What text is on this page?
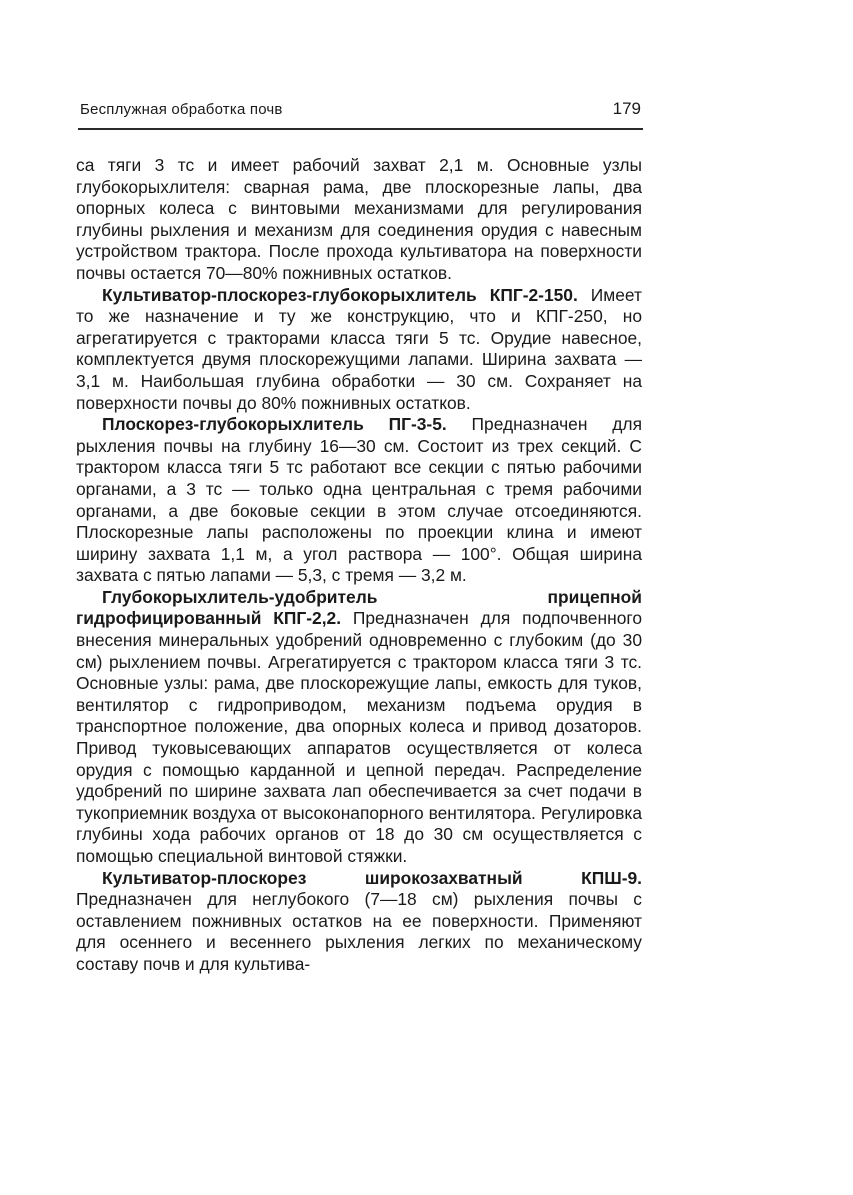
Бесплужная обработка почв	179

са тяги 3 тс и имеет рабочий захват 2,1 м. Основные узлы глубокорыхлителя: сварная рама, две плоскорезные лапы, два опорных колеса с винтовыми механизмами для регулирования глубины рыхления и механизм для соединения орудия с навесным устройством трактора. После прохода культиватора на поверхности почвы остается 70—80% пожнивных остатков.

Культиватор-плоскорез-глубокорыхлитель КПГ-2-150. Имеет то же назначение и ту же конструкцию, что и КПГ-250, но агрегатируется с тракторами класса тяги 5 тс. Орудие навесное, комплектуется двумя плоскорежущими лапами. Ширина захвата — 3,1 м. Наибольшая глубина обработки — 30 см. Сохраняет на поверхности почвы до 80% пожнивных остатков.

Плоскорез-глубокорыхлитель ПГ-3-5. Предназначен для рыхления почвы на глубину 16—30 см. Состоит из трех секций. С трактором класса тяги 5 тс работают все секции с пятью рабочими органами, а 3 тс — только одна центральная с тремя рабочими органами, а две боковые секции в этом случае отсоединяются. Плоскорезные лапы расположены по проекции клина и имеют ширину захвата 1,1 м, а угол раствора — 100°. Общая ширина захвата с пятью лапами — 5,3, с тремя — 3,2 м.

Глубокорыхлитель-удобритель прицепной гидрофицированный КПГ-2,2. Предназначен для подпочвенного внесения минеральных удобрений одновременно с глубоким (до 30 см) рыхлением почвы. Агрегатируется с трактором класса тяги 3 тс. Основные узлы: рама, две плоскорежущие лапы, емкость для туков, вентилятор с гидроприводом, механизм подъема орудия в транспортное положение, два опорных колеса и привод дозаторов. Привод туковысевающих аппаратов осуществляется от колеса орудия с помощью карданной и цепной передач. Распределение удобрений по ширине захвата лап обеспечивается за счет подачи в тукоприемник воздуха от высоконапорного вентилятора. Регулировка глубины хода рабочих органов от 18 до 30 см осуществляется с помощью специальной винтовой стяжки.

Культиватор-плоскорез широкозахватный КПШ-9. Предназначен для неглубокого (7—18 см) рыхления почвы с оставлением пожнивных остатков на ее поверхности. Применяют для осеннего и весеннего рыхления легких по механическому составу почв и для культива-
